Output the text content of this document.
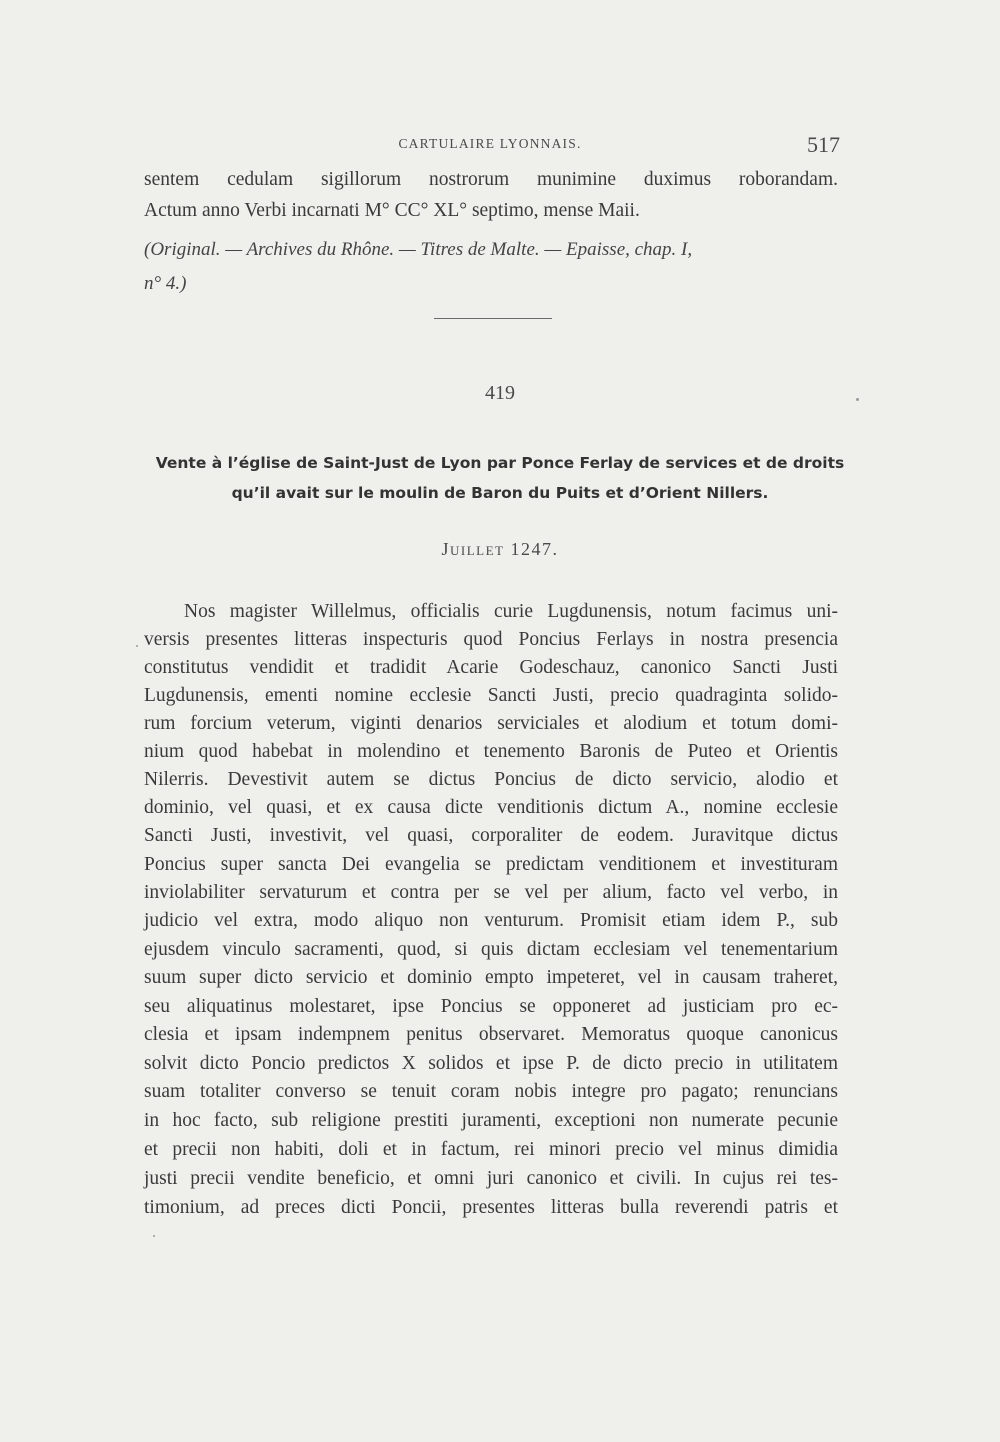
CARTULAIRE LYONNAIS.	517
sentem cedulam sigillorum nostrorum munimine duximus roborandam.
Actum anno Verbi incarnati M° CC° XL° septimo, mense Maii.
(Original. — Archives du Rhône. — Titres de Malte. — Epaisse, chap. I,
n° 4.)
419
Vente à l’église de Saint-Just de Lyon par Ponce Ferlay de services et de droits
qu’il avait sur le moulin de Baron du Puits et d’Orient Nillers.
Juillet 1247.
Nos magister Willelmus, officialis curie Lugdunensis, notum facimus uni-
versis presentes litteras inspecturis quod Poncius Ferlays in nostra presencia
constitutus vendidit et tradidit Acarie Godeschauz, canonico Sancti Justi
Lugdunensis, ementi nomine ecclesie Sancti Justi, precio quadraginta solido-
rum forcium veterum, viginti denarios serviciales et alodium et totum domi-
nium quod habebat in molendino et tenemento Baronis de Puteo et Orientis
Nilerris. Devestivit autem se dictus Poncius de dicto servicio, alodio et
dominio, vel quasi, et ex causa dicte venditionis dictum A., nomine ecclesie
Sancti Justi, investivit, vel quasi, corporaliter de eodem. Juravitque dictus
Poncius super sancta Dei evangelia se predictam venditionem et investituram
inviolabiliter servaturum et contra per se vel per alium, facto vel verbo, in
judicio vel extra, modo aliquo non venturum. Promisit etiam idem P., sub
ejusdem vinculo sacramenti, quod, si quis dictam ecclesiam vel tenementarium
suum super dicto servicio et dominio empto impeteret, vel in causam traheret,
seu aliquatinus molestaret, ipse Poncius se opponeret ad justiciam pro ec-
clesia et ipsam indempnem penitus observaret. Memoratus quoque canonicus
solvit dicto Poncio predictos X solidos et ipse P. de dicto precio in utilitatem
suam totaliter converso se tenuit coram nobis integre pro pagato; renuncians
in hoc facto, sub religione prestiti juramenti, exceptioni non numerate pecunie
et precii non habiti, doli et in factum, rei minori precio vel minus dimidia
justi precii vendite beneficio, et omni juri canonico et civili. In cujus rei tes-
timonium, ad preces dicti Poncii, presentes litteras bulla reverendi patris et
